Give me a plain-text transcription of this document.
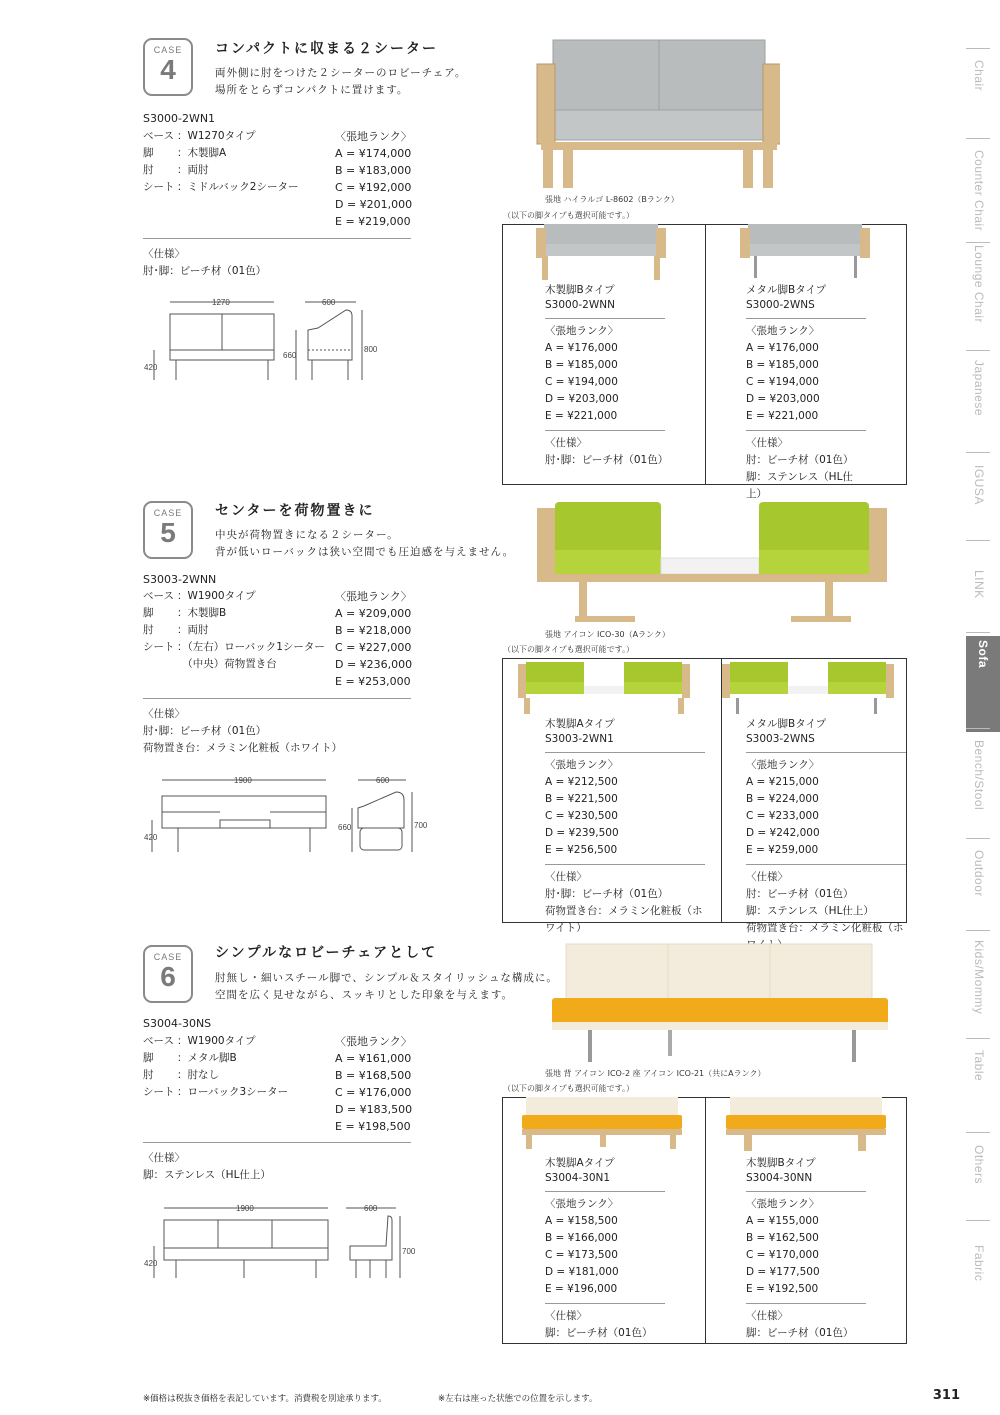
CASE
4
コンパクトに収まる２シーター
両外側に肘をつけた２シーターのロビーチェア。
場所をとらずコンパクトに置けます。
S3000-2WN1
ベース ：W1270タイプ
脚 ：木製脚A
肘 ：両肘
シート ：ミドルバック2シーター
〈張地ランク〉
A = ¥174,000
B = ¥183,000
C = ¥192,000
D = ¥201,000
E = ¥219,000
〈仕様〉
肘･脚：ビーチ材（01色）
1270	600
420
660
800
張地 ハイラルゴ L-8602（Bランク）
（以下の脚タイプも選択可能です。）
木製脚Bタイプ
S3000-2WNN
〈張地ランク〉
A = ¥176,000
B = ¥185,000
C = ¥194,000
D = ¥203,000
E = ¥221,000
〈仕様〉
肘･脚：ビーチ材（01色）
メタル脚Bタイプ
S3000-2WNS
〈張地ランク〉
A = ¥176,000
B = ¥185,000
C = ¥194,000
D = ¥203,000
E = ¥221,000
〈仕様〉
肘：ビーチ材（01色）
脚：ステンレス（HL仕上）
CASE
5
センターを荷物置きに
中央が荷物置きになる２シーター。
背が低いローバックは狭い空間でも圧迫感を与えません。
S3003-2WNN
ベース ：W1900タイプ
脚 ：木製脚B
肘 ：両肘
シート ：（左右）ローバック1シーター
　（中央）荷物置き台
〈張地ランク〉
A = ¥209,000
B = ¥218,000
C = ¥227,000
D = ¥236,000
E = ¥253,000
〈仕様〉
肘･脚：ビーチ材（01色）
荷物置き台：メラミン化粧板（ホワイト）
1900	600
420
660	700
張地 アイコン ICO-30（Aランク）
（以下の脚タイプも選択可能です。）
木製脚Aタイプ
S3003-2WN1
〈張地ランク〉
A = ¥212,500
B = ¥221,500
C = ¥230,500
D = ¥239,500
E = ¥256,500
〈仕様〉
肘･脚：ビーチ材（01色）
荷物置き台：メラミン化粧板（ホワイト）
メタル脚Bタイプ
S3003-2WNS
〈張地ランク〉
A = ¥215,000
B = ¥224,000
C = ¥233,000
D = ¥242,000
E = ¥259,000
〈仕様〉
肘：ビーチ材（01色）
脚：ステンレス（HL仕上）
荷物置き台：メラミン化粧板（ホ
CASE
6
シンプルなロビーチェアとして
肘無し・細いスチール脚で、シンプル＆スタイリッシュな構成に。
空間を広く見せながら、スッキリとした印象を与えます。
S3004-30NS
ベース ：W1900タイプ
脚 ：メタル脚B
肘 ：肘なし
シート ：ローバック3シーター
〈張地ランク〉
A = ¥161,000
B = ¥168,500
C = ¥176,000
D = ¥183,500
E = ¥198,500
〈仕様〉
脚：ステンレス（HL仕上）
1900	600
420
700
張地 背 アイコン ICO-2 座 アイコン ICO-21（共にAランク）
（以下の脚タイプも選択可能です。）
木製脚Aタイプ
S3004-30N1
〈張地ランク〉
A = ¥158,500
B = ¥166,000
C = ¥173,500
D = ¥181,000
E = ¥196,000
〈仕様〉
脚：ビーチ材（01色）
木製脚Bタイプ
S3004-30NN
〈張地ランク〉
A = ¥155,000
B = ¥162,500
C = ¥170,000
D = ¥177,500
E = ¥192,500
〈仕様〉
脚：ビーチ材（01色）
※価格は税抜き価格を表記しています。消費税を別途承ります。	※左右は座った状態での位置を示します。	311
Chair
Counter Chair
Lounge Chair
Japanese
IGUSA
LINK
Sofa
Bench/Stool
Outdoor
Kids/Mommy
Table
Others
Fabric
